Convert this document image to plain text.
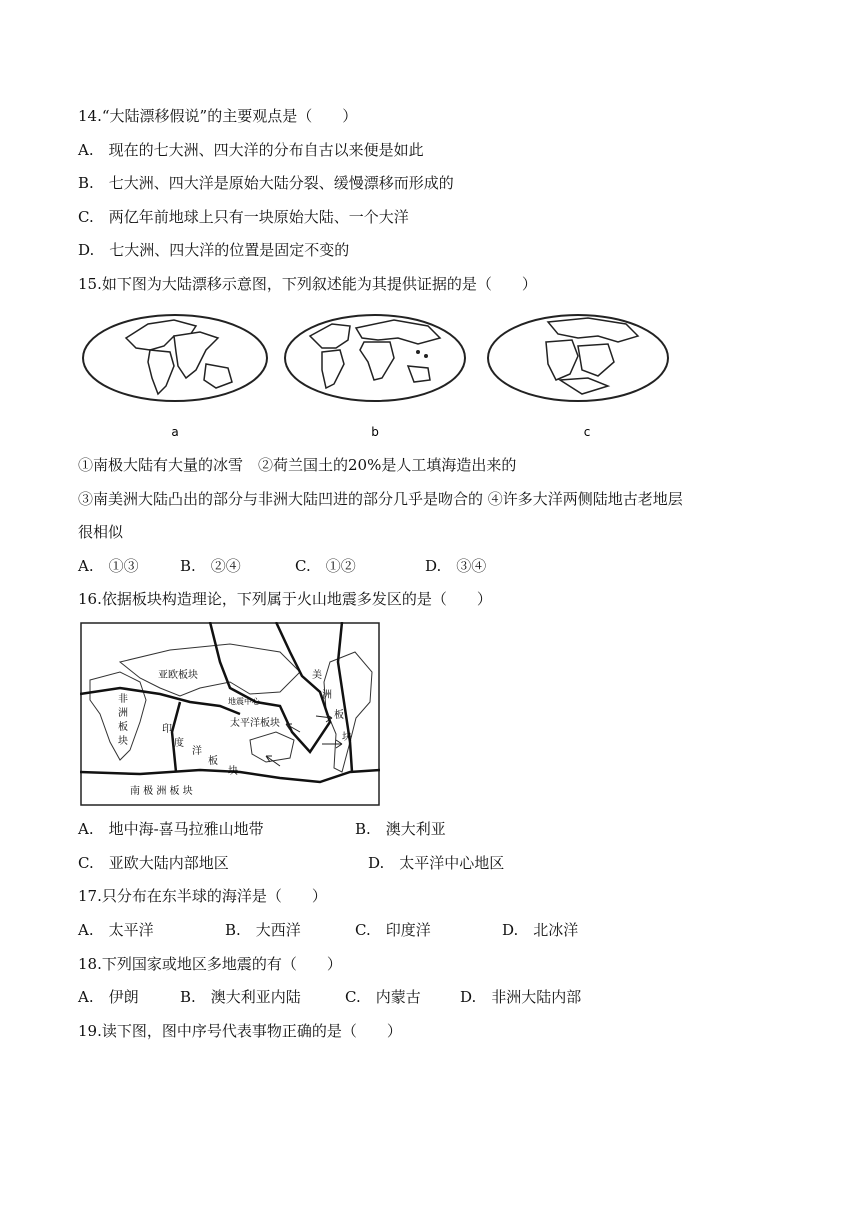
14.“大陆漂移假说”的主要观点是（　　）
A.　现在的七大洲、四大洋的分布自古以来便是如此
B.　七大洲、四大洋是原始大陆分裂、缓慢漂移而形成的
C.　两亿年前地球上只有一块原始大陆、一个大洋
D.　七大洲、四大洋的位置是固定不变的
15.如下图为大陆漂移示意图，下列叙述能为其提供证据的是（　　）
a	b	c
①南极大陆有大量的冰雪　②荷兰国土的20%是人工填海造出来的
③南美洲大陆凸出的部分与非洲大陆凹进的部分几乎是吻合的 ④许多大洋两侧陆地古老地层
很相似
A.　①③	B.　②④	C.　①②	D.　③④
16.依据板块构造理论，下列属于火山地震多发区的是（　　）
亚欧板块
地震中心
太平洋板块
非
洲
板
块
印
度
洋
板
块
美
洲
板
块
南 极 洲 板 块
A.　地中海-喜马拉雅山地带	B.　澳大利亚
C.　亚欧大陆内部地区	D.　太平洋中心地区
17.只分布在东半球的海洋是（　　）
A.　太平洋	B.　大西洋	C.　印度洋	D.　北冰洋
18.下列国家或地区多地震的有（　　）
A.　伊朗	B.　澳大利亚内陆	C.　内蒙古	D.　非洲大陆内部
19.读下图，图中序号代表事物正确的是（　　）
